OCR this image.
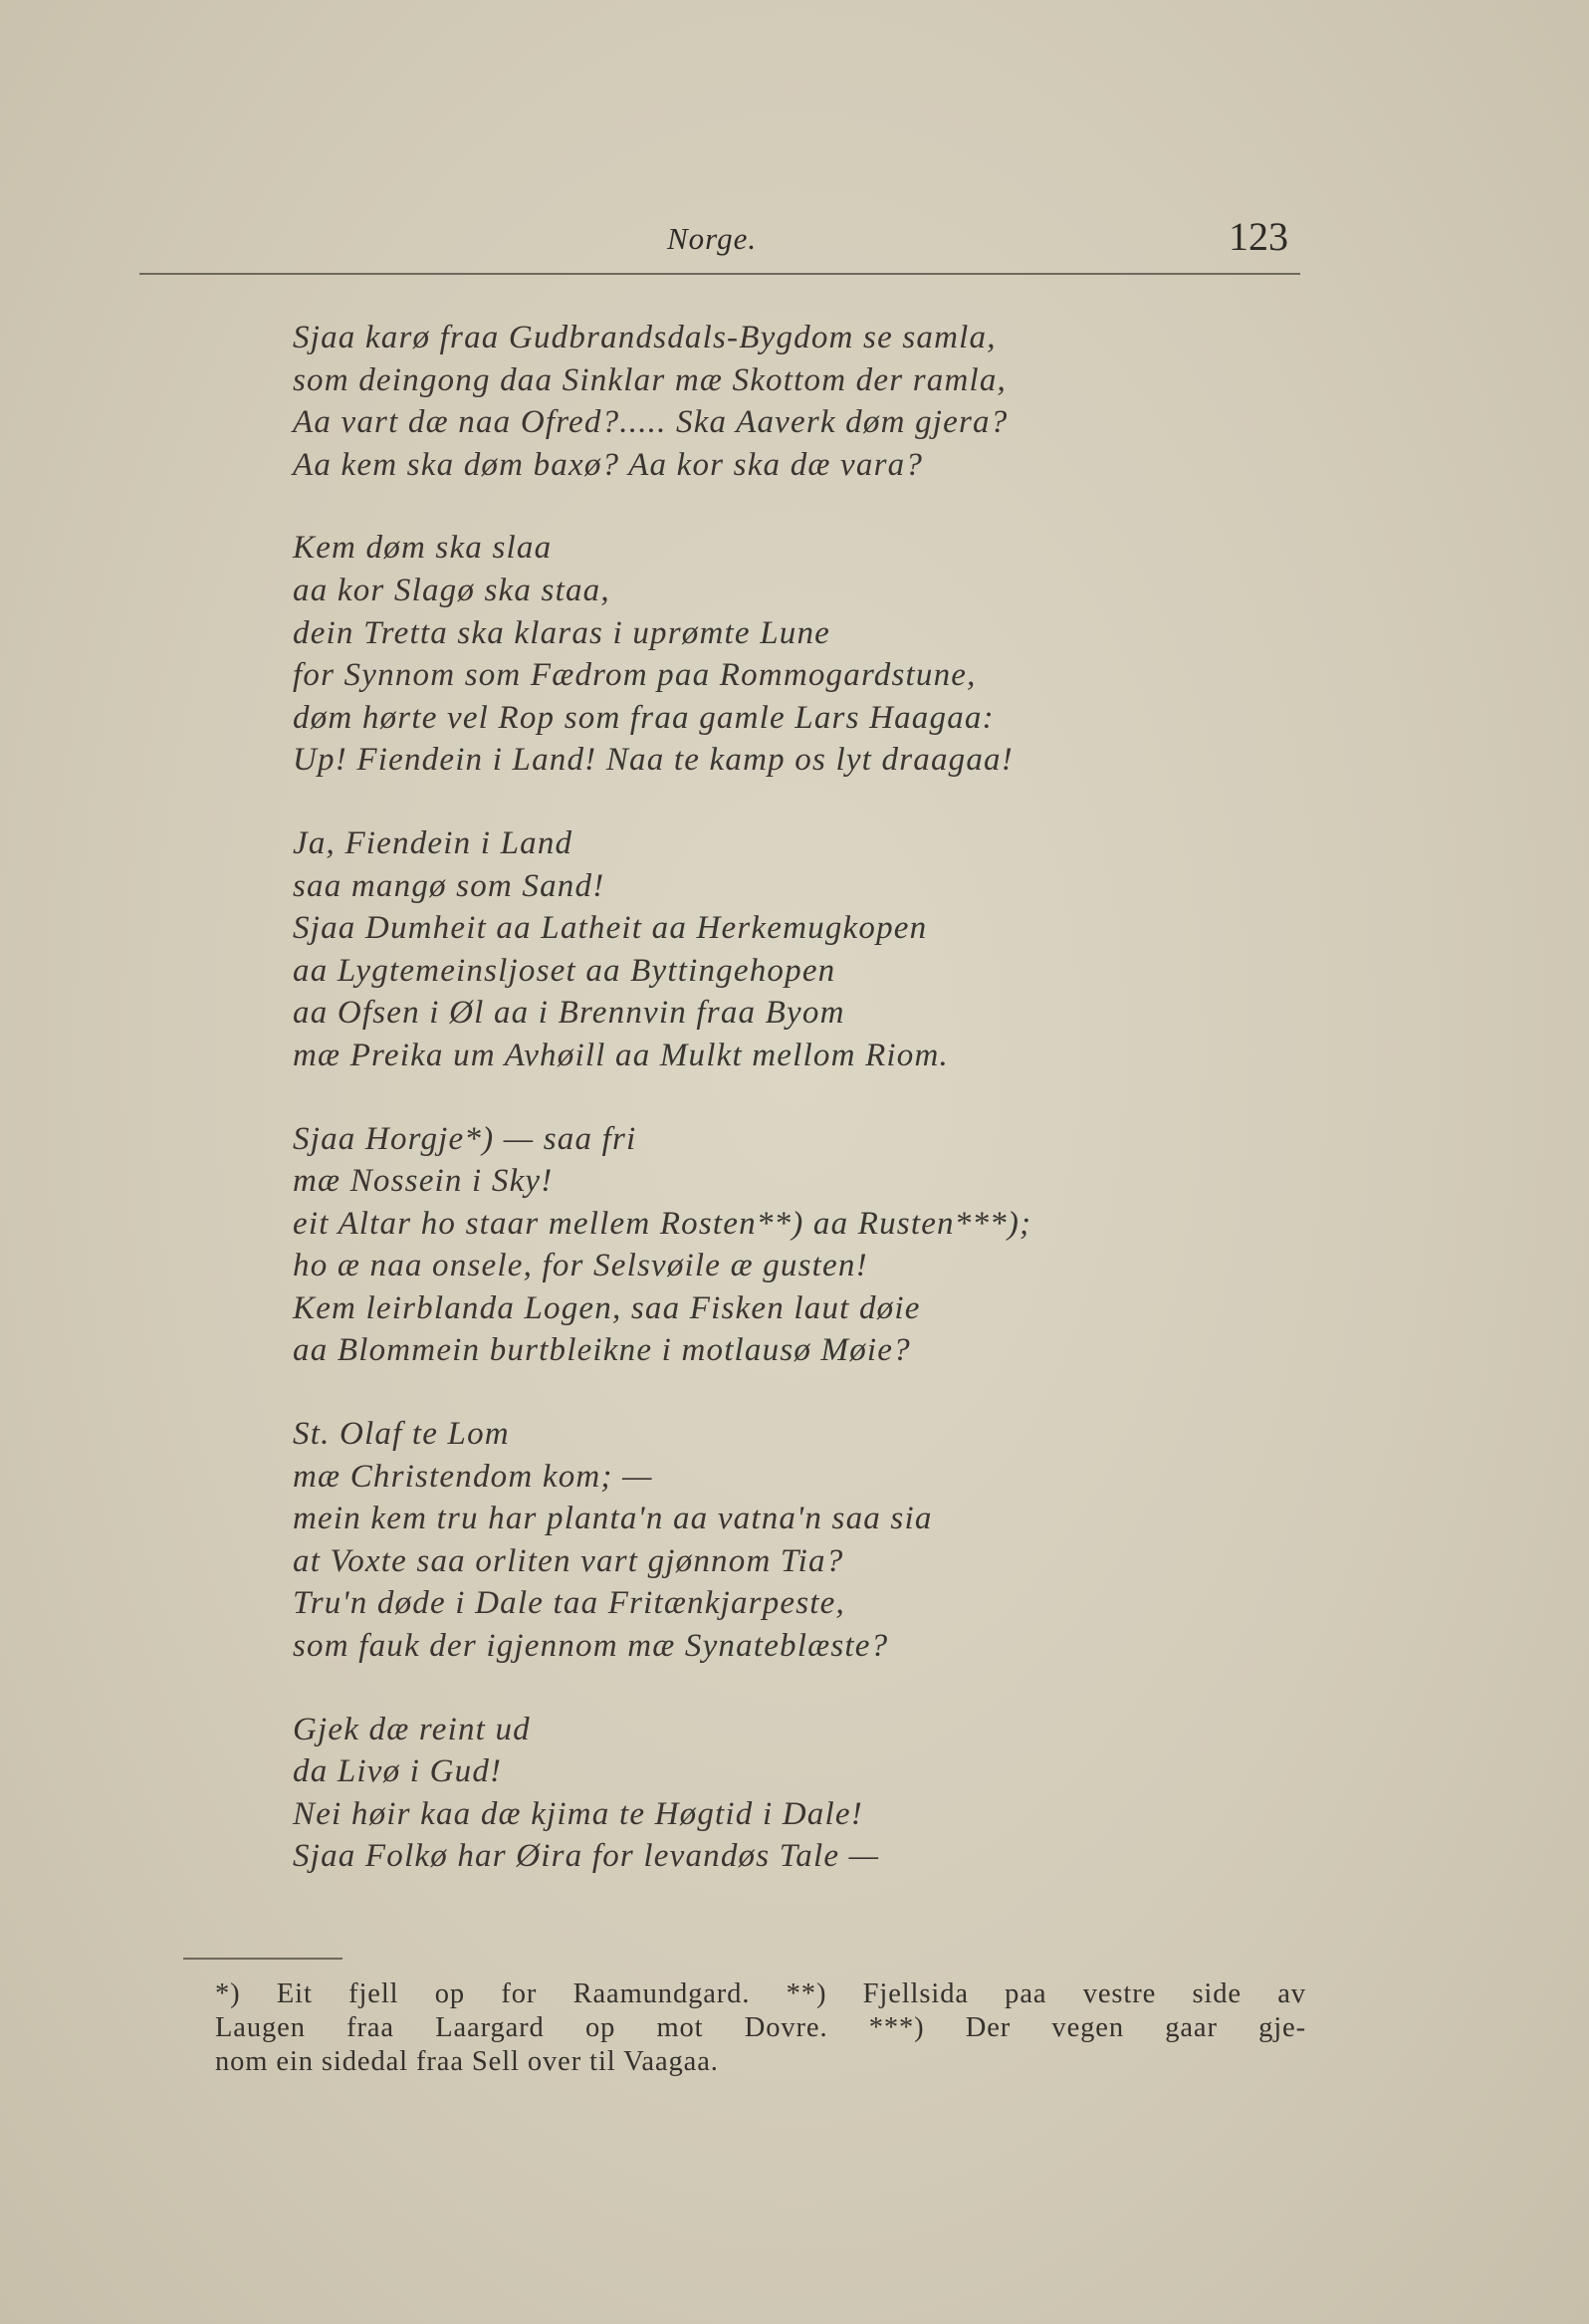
Norge.	123
Sjaa karø fraa Gudbrandsdals-Bygdom se samla,
som deingong daa Sinklar mæ Skottom der ramla,
Aa vart dæ naa Ofred?..... Ska Aaverk døm gjera?
Aa kem ska døm baxø? Aa kor ska dæ vara?
Kem døm ska slaa
aa kor Slagø ska staa,
dein Tretta ska klaras i uprømte Lune
for Synnom som Fædrom paa Rommogardstune,
døm hørte vel Rop som fraa gamle Lars Haagaa:
Up! Fiendein i Land! Naa te kamp os lyt draagaa!
Ja, Fiendein i Land
saa mangø som Sand!
Sjaa Dumheit aa Latheit aa Herkemugkopen
aa Lygtemeinsljoset aa Byttingehopen
aa Ofsen i Øl aa i Brennvin fraa Byom
mæ Preika um Avhøill aa Mulkt mellom Riom.
Sjaa Horgje*) — saa fri
mæ Nossein i Sky!
eit Altar ho staar mellem Rosten**) aa Rusten***);
ho æ naa onsele, for Selsvøile æ gusten!
Kem leirblanda Logen, saa Fisken laut døie
aa Blommein burtbleikne i motlausø Møie?
St. Olaf te Lom
mæ Christendom kom; —
mein kem tru har planta'n aa vatna'n saa sia
at Voxte saa orliten vart gjønnom Tia?
Tru'n døde i Dale taa Fritænkjarpeste,
som fauk der igjennom mæ Synateblæste?
Gjek dæ reint ud
da Livø i Gud!
Nei høir kaa dæ kjima te Høgtid i Dale!
Sjaa Folkø har Øira for levandøs Tale —
*) Eit fjell op for Raamundgard. **) Fjellsida paa vestre side av
Laugen fraa Laargard op mot Dovre. ***) Der vegen gaar gje-
nom ein sidedal fraa Sell over til Vaagaa.
